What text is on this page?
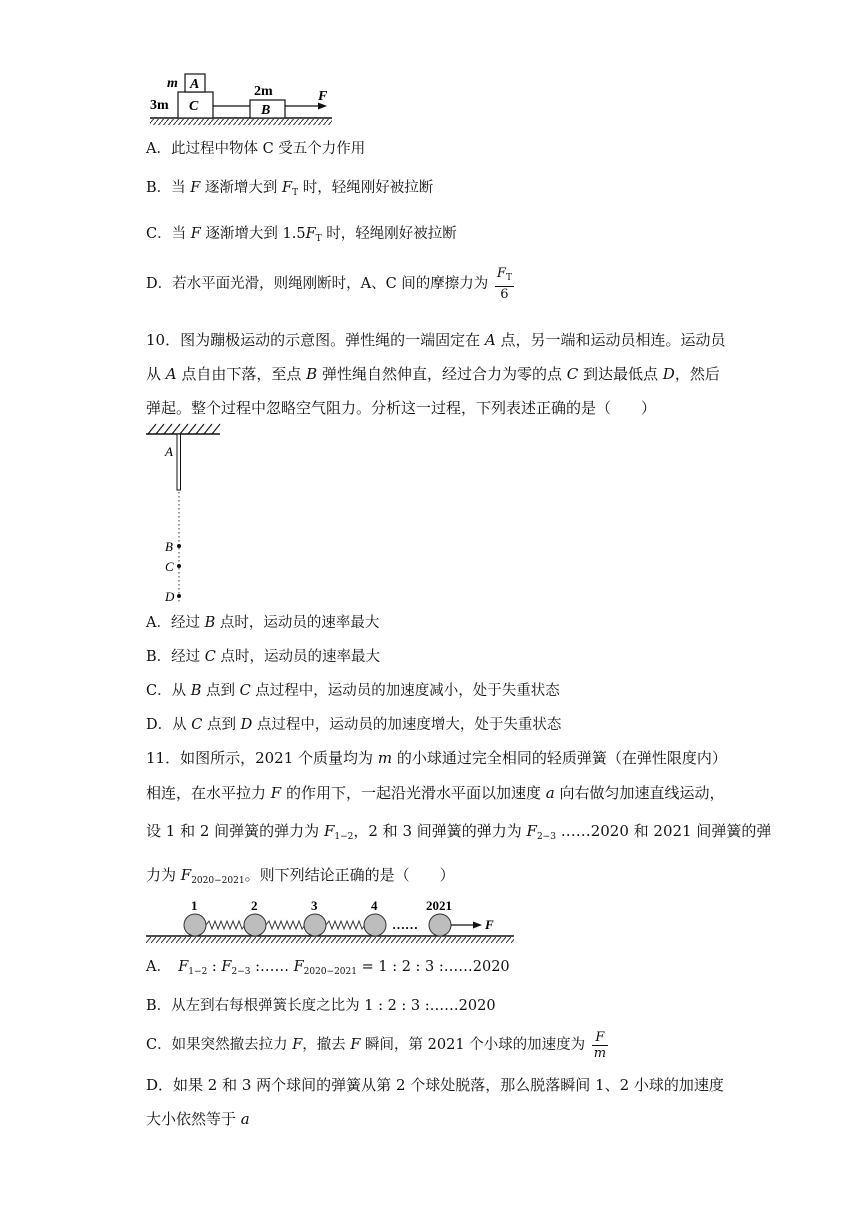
m A
3m C
2m
B
F
A．此过程中物体 C 受五个力作用
B．当 F 逐渐增大到 $F_T$ 时，轻绳刚好被拉断
C．当 F 逐渐增大到 $1.5F_T$ 时，轻绳刚好被拉断
D．若水平面光滑，则绳刚断时，A、C 间的摩擦力为 $\frac{F_T}{6}$
10．图为蹦极运动的示意图。弹性绳的一端固定在 A 点，另一端和运动员相连。运动员
从 A 点自由下落，至点 B 弹性绳自然伸直，经过合力为零的点 C 到达最低点 D，然后
弹起。整个过程中忽略空气阻力。分析这一过程，下列表述正确的是（　　）
A
B
C
D
A．经过 B 点时，运动员的速率最大
B．经过 C 点时，运动员的速率最大
C．从 B 点到 C 点过程中，运动员的加速度减小，处于失重状态
D．从 C 点到 D 点过程中，运动员的加速度增大，处于失重状态
11．如图所示，2021 个质量均为 m 的小球通过完全相同的轻质弹簧（在弹性限度内）
相连，在水平拉力 F 的作用下，一起沿光滑水平面以加速度 a 向右做匀加速直线运动，
设 1 和 2 间弹簧的弹力为 $F_{1-2}$，2 和 3 间弹簧的弹力为 $F_{2-3}$ ……2020 和 2021 间弹簧的弹
力为 $F_{2020-2021}$。则下列结论正确的是（　　）
1	2	3	4
……
2021
F
A．　$F_{1-2}$ : $F_{2-3}$ :…… $F_{2020-2021} = 1$ : 2 : 3 :……2020
B．从左到右每根弹簧长度之比为 1 : 2 : 3 :……2020
C．如果突然撤去拉力 F，撤去 F 瞬间，第 2021 个小球的加速度为 $\frac{F}{m}$
D．如果 2 和 3 两个球间的弹簧从第 2 个球处脱落，那么脱落瞬间 1、2 小球的加速度
大小依然等于 a
